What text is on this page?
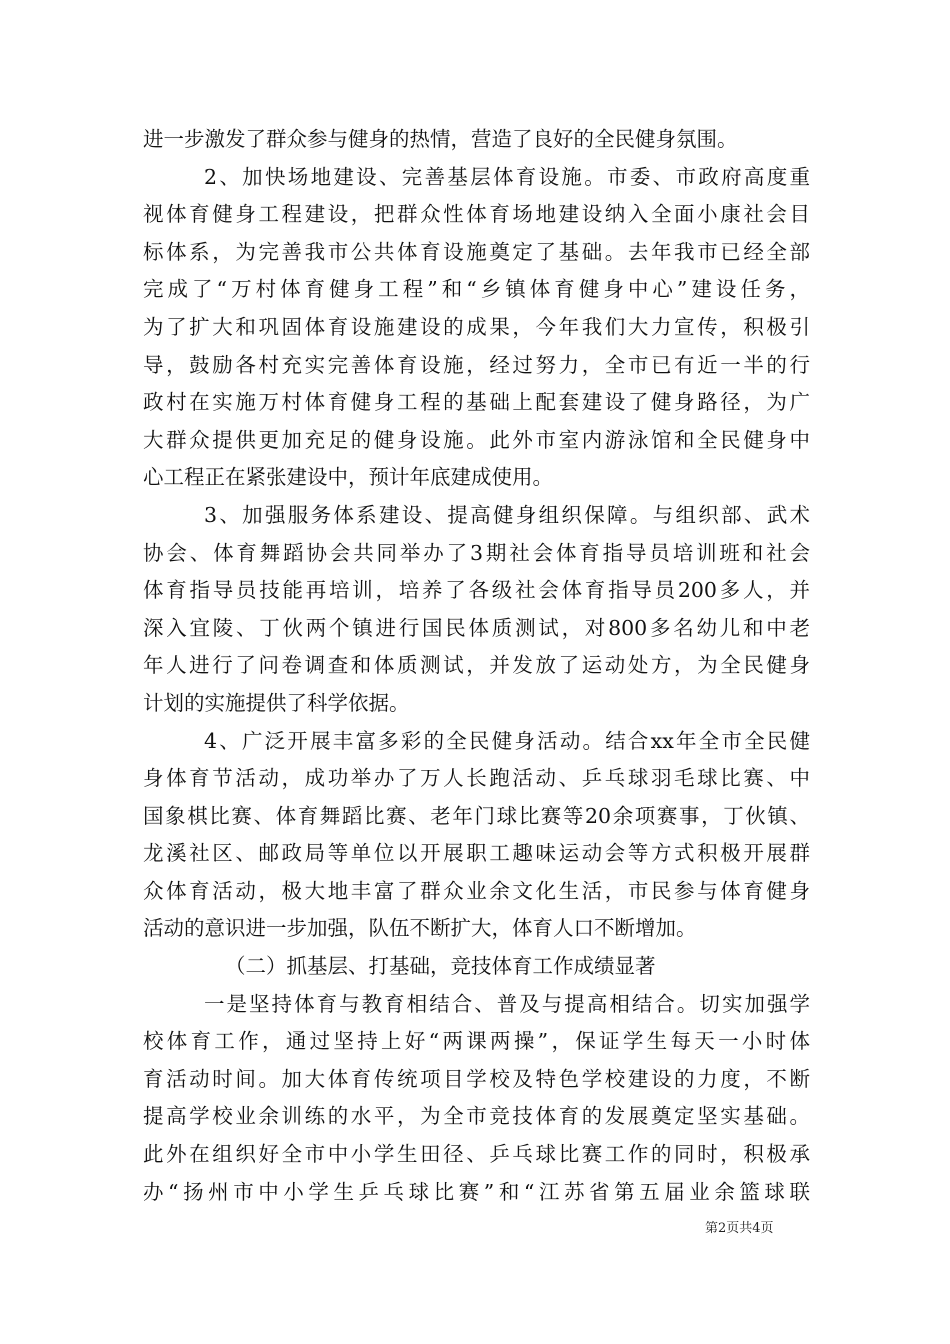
进一步激发了群众参与健身的热情，营造了良好的全民健身氛围。
2、加快场地建设、完善基层体育设施。市委、市政府高度重
视体育健身工程建设，把群众性体育场地建设纳入全面小康社会目
标体系，为完善我市公共体育设施奠定了基础。去年我市已经全部
完成了“万村体育健身工程”和“乡镇体育健身中心”建设任务，
为了扩大和巩固体育设施建设的成果，今年我们大力宣传，积极引
导，鼓励各村充实完善体育设施，经过努力，全市已有近一半的行
政村在实施万村体育健身工程的基础上配套建设了健身路径，为广
大群众提供更加充足的健身设施。此外市室内游泳馆和全民健身中
心工程正在紧张建设中，预计年底建成使用。
3、加强服务体系建设、提高健身组织保障。与组织部、武术
协会、体育舞蹈协会共同举办了3期社会体育指导员培训班和社会
体育指导员技能再培训，培养了各级社会体育指导员200多人，并
深入宜陵、丁伙两个镇进行国民体质测试，对800多名幼儿和中老
年人进行了问卷调查和体质测试，并发放了运动处方，为全民健身
计划的实施提供了科学依据。
4、广泛开展丰富多彩的全民健身活动。结合xx年全市全民健
身体育节活动，成功举办了万人长跑活动、乒乓球羽毛球比赛、中
国象棋比赛、体育舞蹈比赛、老年门球比赛等20余项赛事，丁伙镇、
龙溪社区、邮政局等单位以开展职工趣味运动会等方式积极开展群
众体育活动，极大地丰富了群众业余文化生活，市民参与体育健身
活动的意识进一步加强，队伍不断扩大，体育人口不断增加。
（二）抓基层、打基础，竞技体育工作成绩显著
一是坚持体育与教育相结合、普及与提高相结合。切实加强学
校体育工作，通过坚持上好“两课两操”，保证学生每天一小时体
育活动时间。加大体育传统项目学校及特色学校建设的力度，不断
提高学校业余训练的水平，为全市竞技体育的发展奠定坚实基础。
此外在组织好全市中小学生田径、乒乓球比赛工作的同时，积极承
办“扬州市中小学生乒乓球比赛”和“江苏省第五届业余篮球联
第2页共4页
